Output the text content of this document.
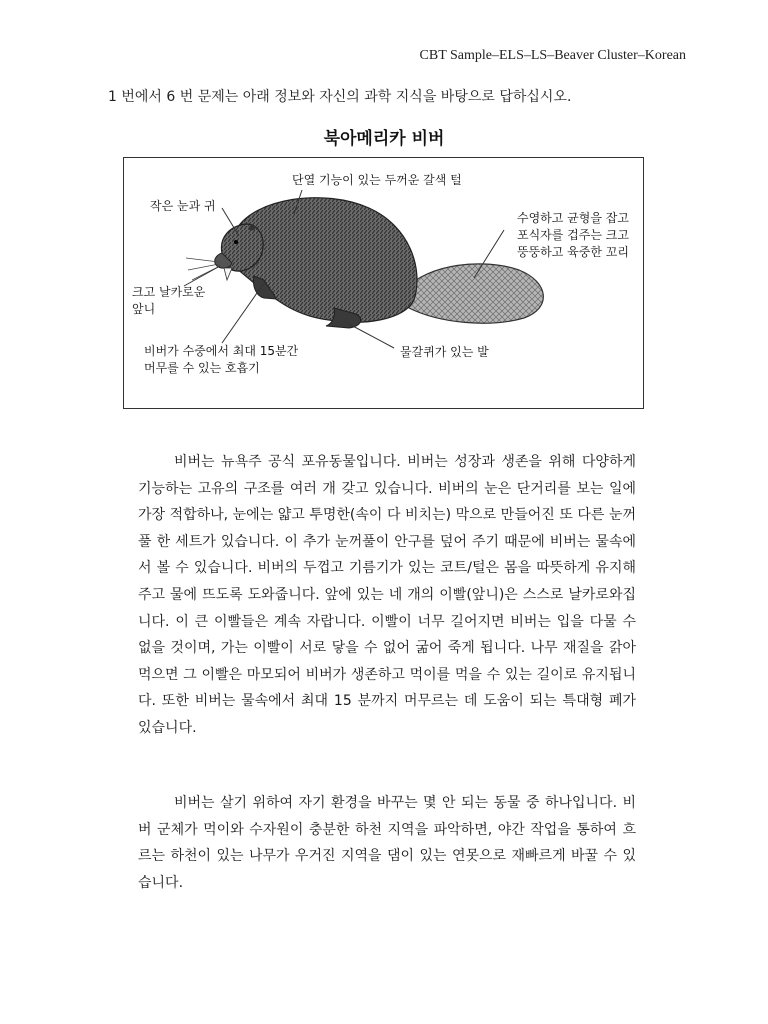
CBT Sample–ELS–LS–Beaver Cluster–Korean
1 번에서 6 번 문제는 아래 정보와 자신의 과학 지식을 바탕으로 답하십시오.
북아메리카 비버
단열 기능이 있는 두꺼운 갈색 털
작은 눈과 귀
수영하고 균형을 잡고
포식자를 겁주는 크고
뚱뚱하고 육중한 꼬리
크고 날카로운
앞니
비버가 수중에서 최대 15분간
머무를 수 있는 호흡기
물갈퀴가 있는 발

비버는 뉴욕주 공식 포유동물입니다. 비버는 성장과 생존을 위해 다양하게 기능하는 고유의 구조를 여러 개 갖고 있습니다. 비버의 눈은 단거리를 보는 일에 가장 적합하나, 눈에는 얇고 투명한(속이 다 비치는) 막으로 만들어진 또 다른 눈꺼풀 한 세트가 있습니다. 이 추가 눈꺼풀이 안구를 덮어 주기 때문에 비버는 물속에서 볼 수 있습니다. 비버의 두껍고 기름기가 있는 코트/털은 몸을 따뜻하게 유지해 주고 물에 뜨도록 도와줍니다. 앞에 있는 네 개의 이빨(앞니)은 스스로 날카로와집니다. 이 큰 이빨들은 계속 자랍니다. 이빨이 너무 길어지면 비버는 입을 다물 수 없을 것이며, 가는 이빨이 서로 닿을 수 없어 굶어 죽게 됩니다. 나무 재질을 갉아먹으면 그 이빨은 마모되어 비버가 생존하고 먹이를 먹을 수 있는 길이로 유지됩니다. 또한 비버는 물속에서 최대 15 분까지 머무르는 데 도움이 되는 특대형 폐가 있습니다.

비버는 살기 위하여 자기 환경을 바꾸는 몇 안 되는 동물 중 하나입니다. 비버 군체가 먹이와 수자원이 충분한 하천 지역을 파악하면, 야간 작업을 통하여 흐르는 하천이 있는 나무가 우거진 지역을 댐이 있는 연못으로 재빠르게 바꿀 수 있습니다.
